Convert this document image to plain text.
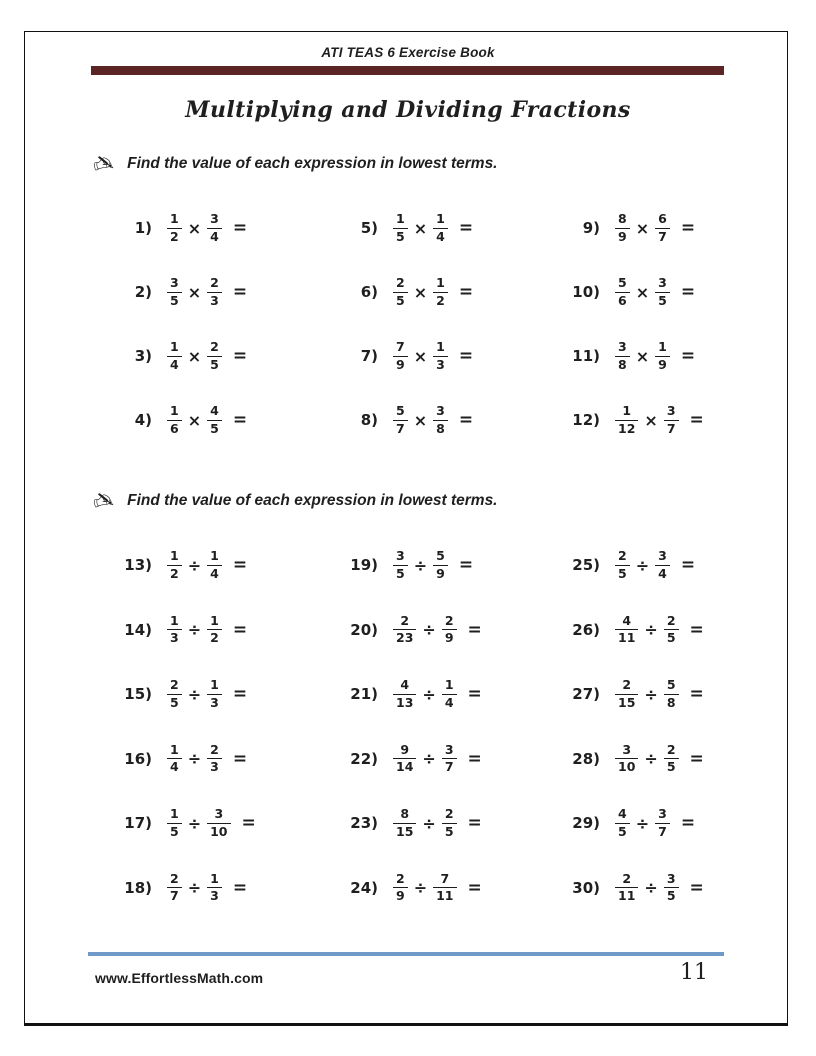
ATI TEAS 6 Exercise Book
Multiplying and Dividing Fractions
✍ Find the value of each expression in lowest terms.
$1) \frac{1}{2} \times \frac{3}{4}$ =
$2) \frac{3}{5} \times \frac{2}{3}$ =
$3) \frac{1}{4} \times \frac{2}{5}$ =
$4) \frac{1}{6} \times \frac{4}{5}$ =
$5) \frac{1}{5} \times \frac{1}{4}$ =
$6) \frac{2}{5} \times \frac{1}{2}$ =
$7) \frac{7}{9} \times \frac{1}{3}$ =
$8) \frac{5}{7} \times \frac{3}{8}$ =
$9) \frac{8}{9} \times \frac{6}{7}$ =
$10) \frac{5}{6} \times \frac{3}{5}$ =
$11) \frac{3}{8} \times \frac{1}{9}$ =
$12) \frac{1}{12} \times \frac{3}{7}$ =
✍ Find the value of each expression in lowest terms.
$13) \frac{1}{2} \div \frac{1}{4}$ =
$14) \frac{1}{3} \div \frac{1}{2}$ =
$15) \frac{2}{5} \div \frac{1}{3}$ =
$16) \frac{1}{4} \div \frac{2}{3}$ =
$17) \frac{1}{5} \div \frac{3}{10}$ =
$18) \frac{2}{7} \div \frac{1}{3}$ =
$19) \frac{3}{5} \div \frac{5}{9}$ =
$20) \frac{2}{23} \div \frac{2}{9}$ =
$21) \frac{4}{13} \div \frac{1}{4}$ =
$22) \frac{9}{14} \div \frac{3}{7}$ =
$23) \frac{8}{15} \div \frac{2}{5}$ =
$24) \frac{2}{9} \div \frac{7}{11}$ =
$25) \frac{2}{5} \div \frac{3}{4}$ =
$26) \frac{4}{11} \div \frac{2}{5}$ =
$27) \frac{2}{15} \div \frac{5}{8}$ =
$28) \frac{3}{10} \div \frac{2}{5}$ =
$29) \frac{4}{5} \div \frac{3}{7}$ =
$30) \frac{2}{11} \div \frac{3}{5}$ =
www.EffortlessMath.com	11
